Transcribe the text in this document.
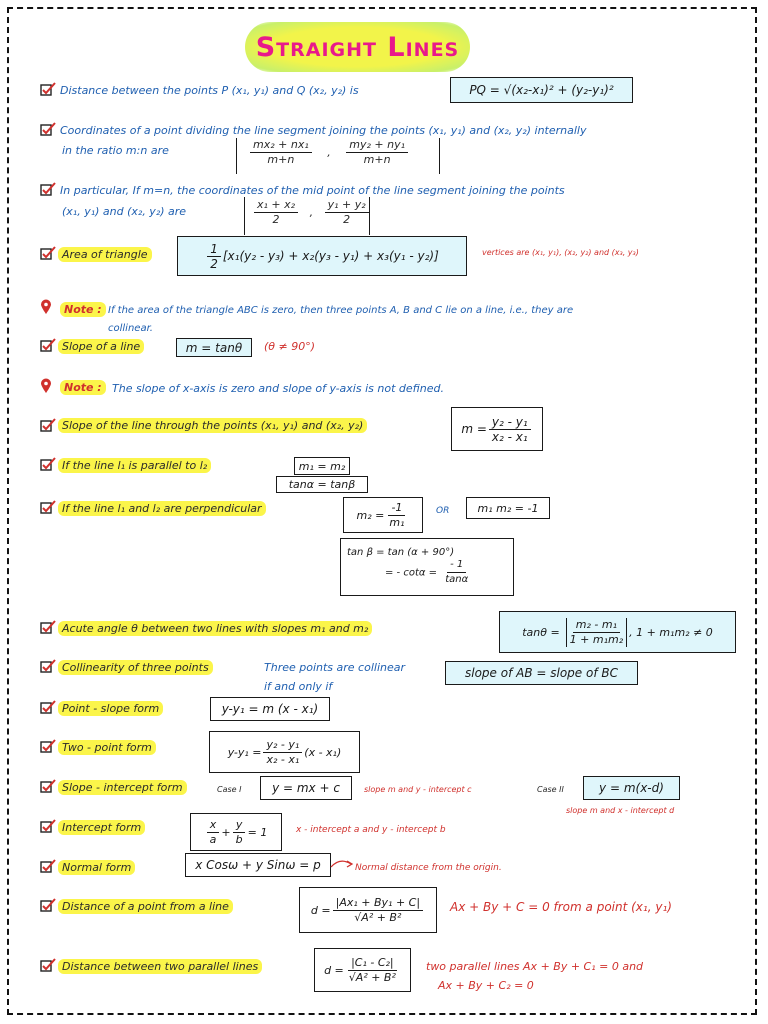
Straight Lines
Distance between the points P (x₁, y₁) and Q (x₂, y₂) is	PQ = √(x₂-x₁)² + (y₂-y₁)²
Coordinates of a point dividing the line segment joining the points (x₁, y₁) and (x₂, y₂) internally
in the ratio m:n are	$\frac{\text{mx₂ + nx₁}}{m+n}$ , $\frac{\text{my₂ + ny₁}}{m+n}$
In particular, If m=n, the coordinates of the mid point of the line segment joining the points
(x₁, y₁) and (x₂, y₂) are	$\frac{\text{x₁ + x₂}}{2}$ , $\frac{\text{y₁ + y₂}}{2}$
Area of triangle	$\frac{1}{2} [x_1(y_2 - y_3) + x_2(y_3 - y_1) + x_3(y_1 - y_2)]$	vertices are (x₁, y₁), (x₂, y₂) and (x₃, y₃)
Note : If the area of the triangle ABC is zero, then three points A, B and C lie on a line, i.e., they are
collinear.
Slope of a line	m = tanθ	(θ ≠ 90°)
Note : The slope of x-axis is zero and slope of y-axis is not defined.
Slope of the line through the points (x₁, y₁) and (x₂, y₂)	$m = \frac{\text{y₂ - y₁}}{\text{x₂ - x₁}}$
If the line l₁ is parallel to l₂	m₁ = m₂
tanα = tanβ
If the line l₁ and l₂ are perpendicular	$m_2 = \frac{-1}{\text{m₁}}$	OR	m₁ m₂ = -1
tan β = tan (α + 90°)
= - $\cot\alpha = \frac{- 1}{\tan\alpha}$
Acute angle θ between two lines with slopes m₁ and m₂	$\tan\theta = \frac{\text{m₂ - m₁}}{\text{1 + m₁m₂}}$ , 1 + m₁m₂ ≠ 0
Collinearity of three points	Three points are collinear
if and only if
slope of AB = slope of BC
Point - slope form	y-y₁ = m (x - x₁)
Two - point form	$y-y_1 = \frac{\text{y₂ - y₁}}{\text{x₂ - x₁}} (x - x_1)$
Slope - intercept form	Case I	y = mx + c	slope m and y - intercept c	Case II	y = m(x-d)
slope m and x - intercept d
Intercept form	$\frac{x}{a} + \frac{y}{b} = 1$	x - intercept a and y - intercept b
Normal form	x Cosω + y Sinω = p	Normal distance from the origin.
Distance of a point from a line	$d = \frac{\text{|Ax₁ + By₁ + C|}}{\text{√A² + B²}}$ Ax + By + C = 0 from a point (x₁, y₁)
Distance between two parallel lines	$d = \frac{\text{|C₁ - C₂|}}{\text{√A² + B²}}$ two parallel lines Ax + By + C₁ = 0 and
Ax + By + C₂ = 0
